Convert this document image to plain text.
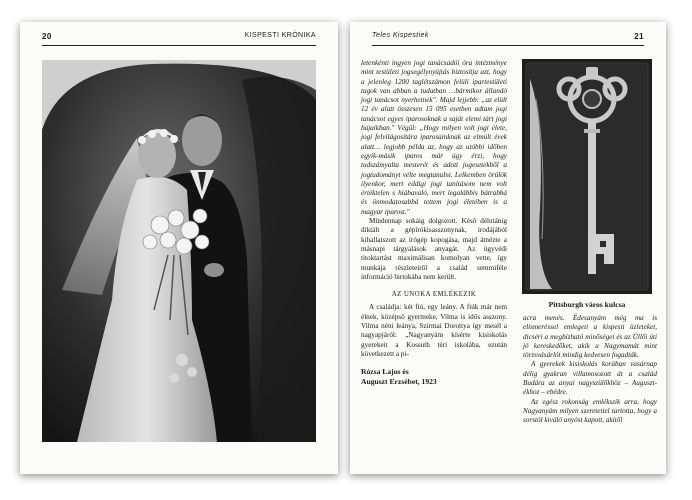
20	KISPESTI KRÓNIKA	Teles Kispestiek	21

letenkénti ingyen jogi tanácsadói óra intézménye mint testületi jogsegélynyújtás biztosítja azt, hogy a jelenleg 1200 taglétszámon felüli ipartestületi tagok van abban a tudatban …bármikor állandó jogi tanácsot nyerhetnek". Majd lejjebb: „az elült 12 év alatt összesen 15 095 esetben adtam jogi tanácsot egyes iparosoknak a saját elemi tárt jogi bajaikban." Végül: „Hogy milyen volt jogi élete, jogi felvilágosítára iparosainknak az elmúlt évek alatt… legjobb példa az, hogy az utóbbi időben egyik-másik iparos már úgy érzi, hogy tudszámyalta mesterét és adott jogesetekből a jogtudományt vélte megtanulni. Lelkemben örülök ilyenkor, mert eddigi jogi tanításom nem volt értéktelen s hiábavaló, mert legalábbis bátrabbá és önmodatosabbá tettem jogi életében is a magyar iparost."

Mindennap sokáig dolgozott. Késő délutánig diktált a gépírókisasszonynak, irodájából kihallatszott az írógép kopogása, majd átnézte a másnapi tárgyalások anyagát. Az ügyvédi titoktartást maximálisan komolyan vette, így munkája részleteiről a család semmiféle információ birtokába nem került.

AZ UNOKA EMLÉKEZIK

A családja: két fiú, egy leány. A fiúk már nem élnek, középső gyermeke, Vilma is idős asszony. Vilma néni leánya, Szirmai Dorottya így mesél a nagyapjáról: „Nagyanyám kísérte kisiskolás gyerekeit a Kossuth téri iskolába, ezután következett a pi-

Rózsa Lajos és
Auguszt Erzsébet, 1923
Pittsburgh város kulcsa

acra menés. Édesanyám még ma is elismeréssel emlegeti a kispesti üzleteket, dicséri a megbízható minőséget és az Üllői úti jó kereskedőket, akik a Nagymamát mint törzsvásárlót mindig kedvesen fogadták.

A gyerekek kisiskolás korában vasárnap délig gyakran villamosozott át a család Budára az anyai nagyszülőkhöz – Augusztékhoz – ebédre.

Az egész rokonság emlékszik arra, hogy Nagyanyám milyen szeretettel tartotta, hogy a sorstól kiváló anyóst kapott, akitől
